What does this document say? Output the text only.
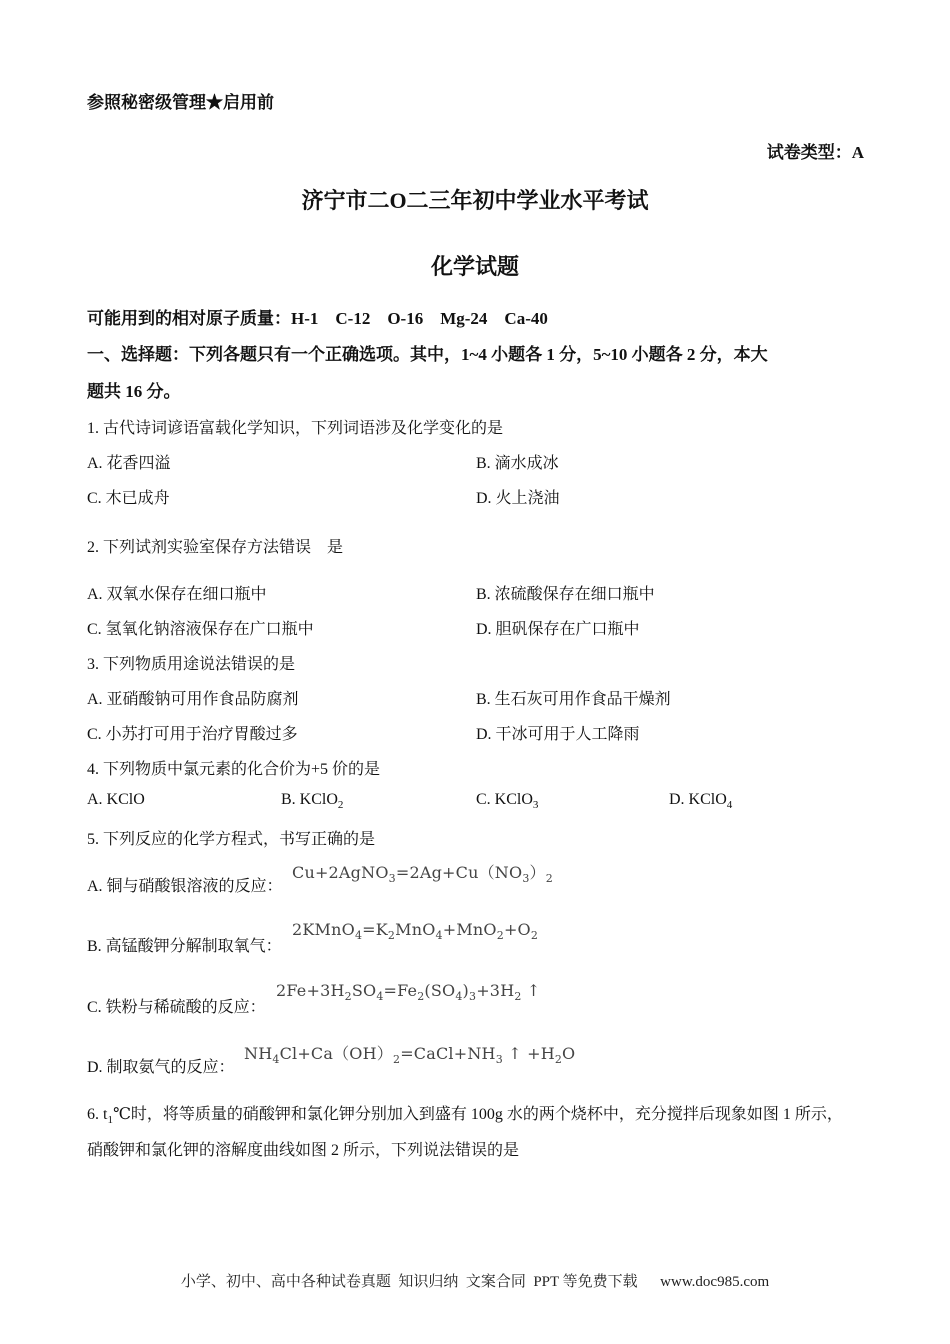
参照秘密级管理★启用前
试卷类型：A
济宁市二O二三年初中学业水平考试
化学试题
可能用到的相对原子质量：H-1    C-12    O-16    Mg-24    Ca-40
一、选择题：下列各题只有一个正确选项。其中，1~4 小题各 1 分，5~10 小题各 2 分，本大
题共 16 分。
1. 古代诗词谚语富载化学知识，下列词语涉及化学变化的是
A. 花香四溢	B. 滴水成冰
C. 木已成舟	D. 火上浇油
2. 下列试剂实验室保存方法错误    是
A. 双氧水保存在细口瓶中	B. 浓硫酸保存在细口瓶中
C. 氢氧化钠溶液保存在广口瓶中	D. 胆矾保存在广口瓶中
3. 下列物质用途说法错误的是
A. 亚硝酸钠可用作食品防腐剂	B. 生石灰可用作食品干燥剂
C. 小苏打可用于治疗胃酸过多	D. 干冰可用于人工降雨
4. 下列物质中氯元素的化合价为+5 价的是
A. KClO	B. KClO$_2$	C. KClO$_3$	D. KClO$_4$
5. 下列反应的化学方程式，书写正确的是
A. 铜与硝酸银溶液的反应：
$Cu+2AgNO_3=2Ag+Cu(NO_3)_2$
B. 高锰酸钾分解制取氧气：
$2KMnO_4=K_2MnO_4+MnO_2+O_2$
C. 铁粉与稀硫酸的反应：
$2Fe+3H_2SO_4=Fe_2(SO_4)_3+3H_2$ ↑
D. 制取氨气的反应：
$NH_4Cl+Ca(OH)_2=CaCl+NH_3$ ↑ $+H_2O$
6. $t_1℃$时，将等质量的硝酸钾和氯化钾分别加入到盛有 100g 水的两个烧杯中，充分搅拌后现象如图 1 所示，
硝酸钾和氯化钾的溶解度曲线如图 2 所示，下列说法错误的是
小学、初中、高中各种试卷真题  知识归纳  文案合同  PPT 等免费下载      www.doc985.com
